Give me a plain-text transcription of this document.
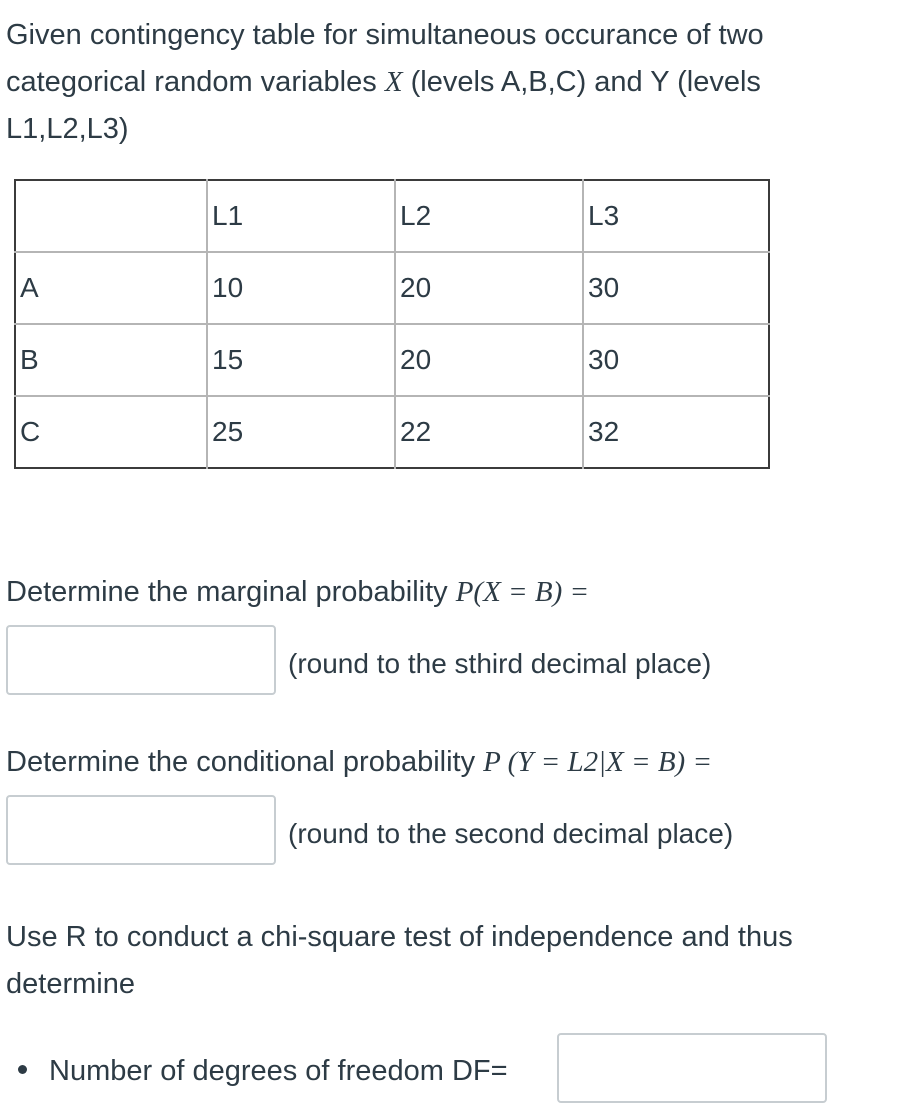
Given contingency table for simultaneous occurance of two
categorical random variables X (levels A,B,C) and Y (levels
L1,L2,L3)

	L1	L2	L3
A	10	20	30
B	15	20	30
C	25	22	32

Determine the marginal probability P(X = B) =

(round to the sthird decimal place)

Determine the conditional probability P (Y = L2|X = B) =

(round to the second decimal place)

Use R to conduct a chi-square test of independence and thus
determine

Number of degrees of freedom DF=
